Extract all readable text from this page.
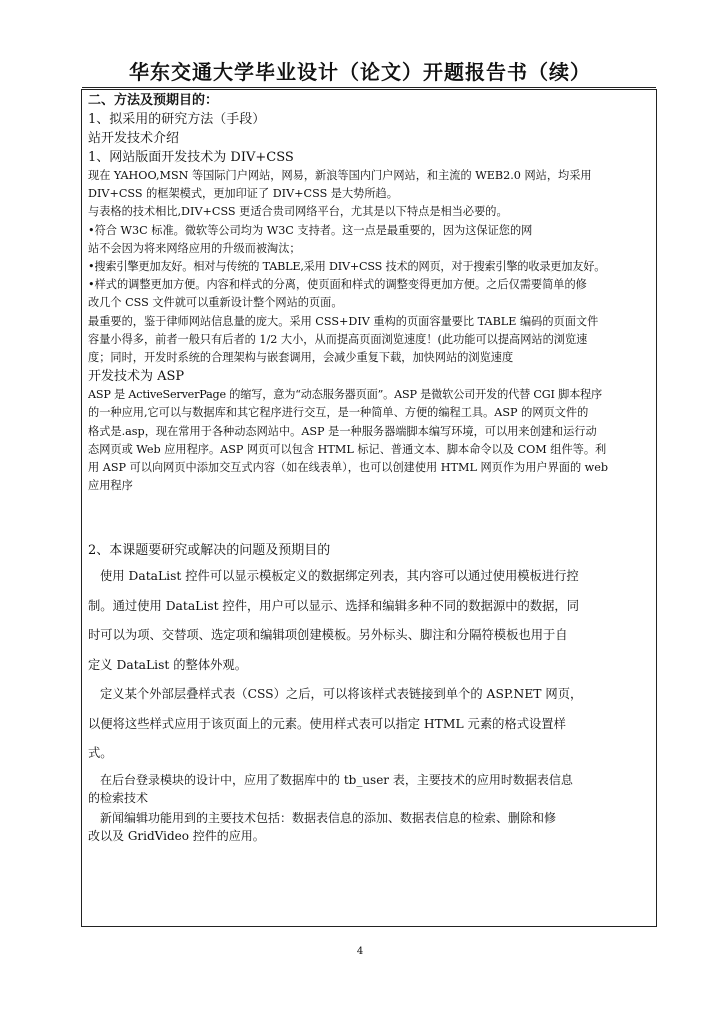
华东交通大学毕业设计（论文）开题报告书（续）
二、方法及预期目的：
1、拟采用的研究方法（手段）
站开发技术介绍
1、网站版面开发技术为 DIV+CSS
现在 YAHOO,MSN 等国际门户网站，网易，新浪等国内门户网站，和主流的 WEB2.0 网站，均采用
DIV+CSS 的框架模式，更加印证了 DIV+CSS 是大势所趋。
与表格的技术相比,DIV+CSS 更适合贵司网络平台，尤其是以下特点是相当必要的。
•符合 W3C 标准。微软等公司均为 W3C 支持者。这一点是最重要的，因为这保证您的网
站不会因为将来网络应用的升级而被淘汰；
•搜索引擎更加友好。相对与传统的 TABLE,采用 DIV+CSS 技术的网页，对于搜索引擎的收录更加友好。
•样式的调整更加方便。内容和样式的分离，使页面和样式的调整变得更加方便。之后仅需要简单的修
改几个 CSS 文件就可以重新设计整个网站的页面。
最重要的，鉴于律师网站信息量的庞大。采用 CSS+DIV 重构的页面容量要比 TABLE 编码的页面文件
容量小得多，前者一般只有后者的 1/2 大小，从而提高页面浏览速度！(此功能可以提高网站的浏览速
度；同时，开发时系统的合理架构与嵌套调用，会减少重复下载，加快网站的浏览速度
开发技术为 ASP
ASP 是 ActiveServerPage 的缩写，意为“动态服务器页面”。ASP 是微软公司开发的代替 CGI 脚本程序
的一种应用,它可以与数据库和其它程序进行交互，是一种简单、方便的编程工具。ASP 的网页文件的
格式是.asp，现在常用于各种动态网站中。ASP 是一种服务器端脚本编写环境，可以用来创建和运行动
态网页或 Web 应用程序。ASP 网页可以包含 HTML 标记、普通文本、脚本命令以及 COM 组件等。利
用 ASP 可以向网页中添加交互式内容（如在线表单），也可以创建使用 HTML 网页作为用户界面的 web
应用程序
2、本课题要研究或解决的问题及预期目的
使用 DataList 控件可以显示模板定义的数据绑定列表，其内容可以通过使用模板进行控
制。通过使用 DataList 控件，用户可以显示、选择和编辑多种不同的数据源中的数据，同
时可以为项、交替项、选定项和编辑项创建模板。另外标头、脚注和分隔符模板也用于自
定义 DataList 的整体外观。
定义某个外部层叠样式表（CSS）之后，可以将该样式表链接到单个的 ASP.NET 网页，
以便将这些样式应用于该页面上的元素。使用样式表可以指定 HTML 元素的格式设置样
式。
在后台登录模块的设计中，应用了数据库中的 tb_user 表，主要技术的应用时数据表信息
的检索技术
新闻编辑功能用到的主要技术包括：数据表信息的添加、数据表信息的检索、删除和修
改以及 GridVideo 控件的应用。
4
